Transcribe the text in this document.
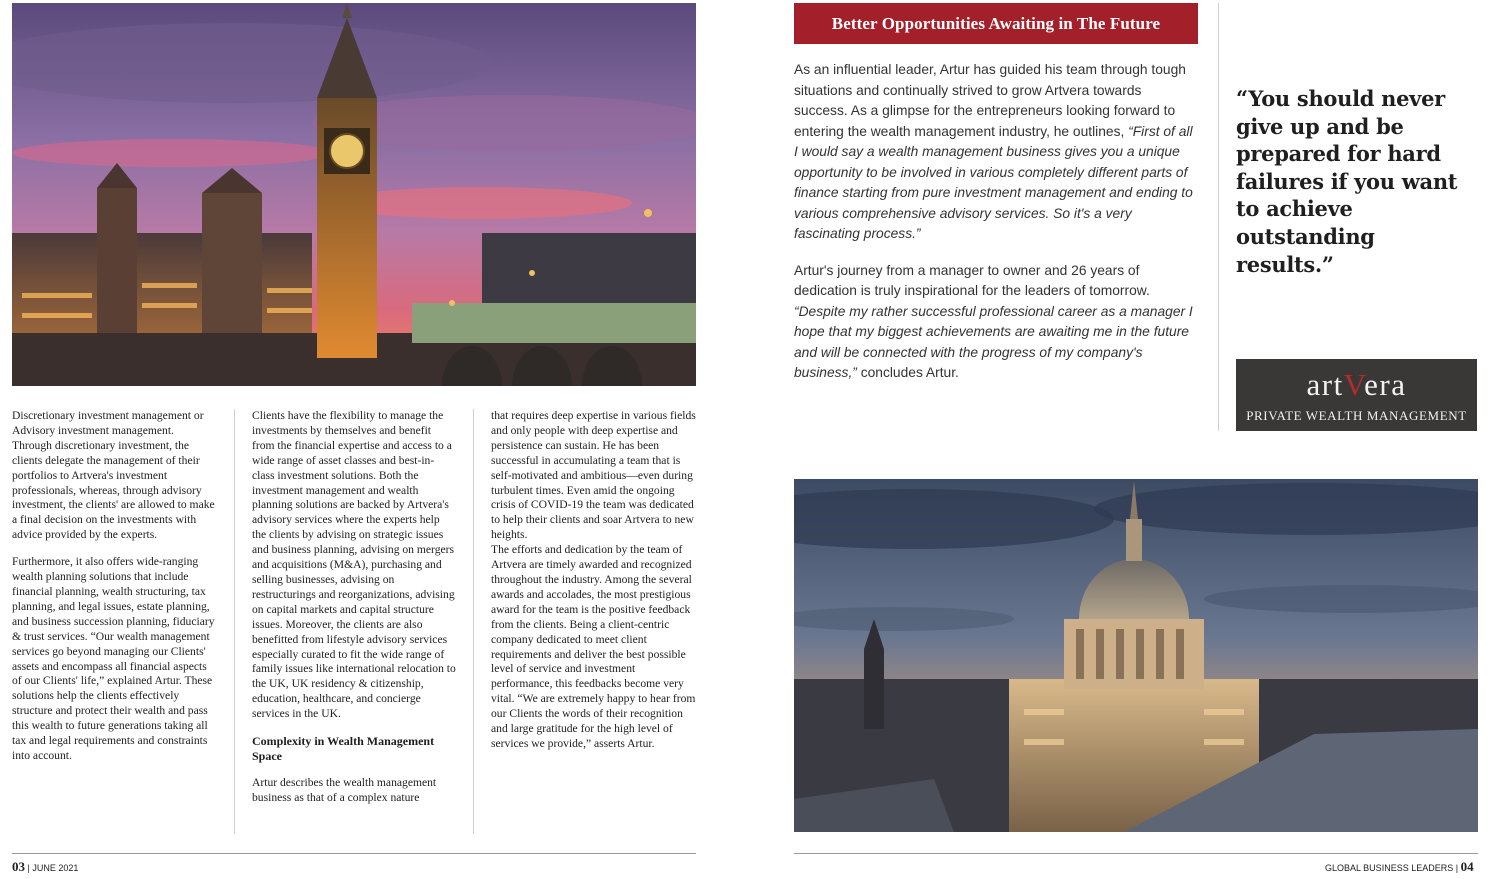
Discretionary investment management or Advisory investment management. Through discretionary investment, the clients delegate the management of their portfolios to Artvera's investment professionals, whereas, through advisory investment, the clients' are allowed to make a final decision on the investments with advice provided by the experts.

Furthermore, it also offers wide-ranging wealth planning solutions that include financial planning, wealth structuring, tax planning, and legal issues, estate planning, and business succession planning, fiduciary & trust services. “Our wealth management services go beyond managing our Clients' assets and encompass all financial aspects of our Clients' life,” explained Artur. These solutions help the clients effectively structure and protect their wealth and pass this wealth to future generations taking all tax and legal requirements and constraints into account.

Clients have the flexibility to manage the investments by themselves and benefit from the financial expertise and access to a wide range of asset classes and best-in-class investment solutions. Both the investment management and wealth planning solutions are backed by Artvera's advisory services where the experts help the clients by advising on strategic issues and business planning, advising on mergers and acquisitions (M&A), purchasing and selling businesses, advising on restructurings and reorganizations, advising on capital markets and capital structure issues. Moreover, the clients are also benefitted from lifestyle advisory services especially curated to fit the wide range of family issues like international relocation to the UK, UK residency & citizenship, education, healthcare, and concierge services in the UK.

Complexity in Wealth Management Space

Artur describes the wealth management business as that of a complex nature

that requires deep expertise in various fields and only people with deep expertise and persistence can sustain. He has been successful in accumulating a team that is self-motivated and ambitious—even during turbulent times. Even amid the ongoing crisis of COVID-19 the team was dedicated to help their clients and soar Artvera to new heights.

The efforts and dedication by the team of Artvera are timely awarded and recognized throughout the industry. Among the several awards and accolades, the most prestigious award for the team is the positive feedback from the clients. Being a client-centric company dedicated to meet client requirements and deliver the best possible level of service and investment performance, this feedbacks become very vital. “We are extremely happy to hear from our Clients the words of their recognition and large gratitude for the high level of services we provide,” asserts Artur.

03 | JUNE 2021
Better Opportunities Awaiting in The Future

As an influential leader, Artur has guided his team through tough situations and continually strived to grow Artvera towards success. As a glimpse for the entrepreneurs looking forward to entering the wealth management industry, he outlines, “First of all I would say a wealth management business gives you a unique opportunity to be involved in various completely different parts of finance starting from pure investment management and ending to various comprehensive advisory services. So it's a very fascinating process.”

Artur's journey from a manager to owner and 26 years of dedication is truly inspirational for the leaders of tomorrow. “Despite my rather successful professional career as a manager I hope that my biggest achievements are awaiting me in the future and will be connected with the progress of my company's business,” concludes Artur.

“You should never give up and be prepared for hard failures if you want to achieve outstanding results.”
artVera
PRIVATE WEALTH MANAGEMENT
GLOBAL BUSINESS LEADERS | 04
